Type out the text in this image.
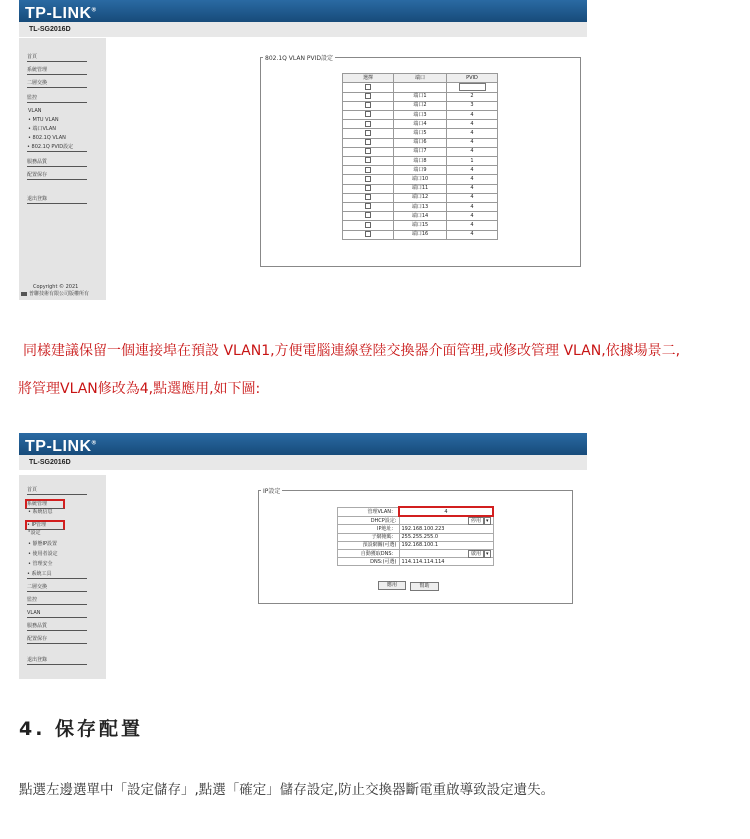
TP-LINK®
TL-SG2016D
首頁
系統管理
二層交換
監控
VLAN
• MTU VLAN
• 端口VLAN
• 802.1Q VLAN
• 802.1Q PVID設定
服務品質
配置保存
退出登錄
802.1Q VLAN PVID設定
選擇	端口	PVID

	端口1	2
	端口2	3
	端口3	4
	端口4	4
	端口5	4
	端口6	4
	端口7	4
	端口8	1
	端口9	4
	端口10	4
	端口11	4
	端口12	4
	端口13	4
	端口14	4
	端口15	4
	端口16	4
Copyright © 2021
普聯技術有限公司版權所有
同樣建議保留一個連接埠在預設 VLAN1,方便電腦連線登陸交換器介面管理,或修改管理 VLAN,依據場景二,
將管理VLAN修改為4,點選應用,如下圖:
TP-LINK®
TL-SG2016D
首頁
系統管理
• 系統信息
• IP管理
°設定
• 靜態IP設置
• 使用者設定
• 管理安全
• 系統工具
二層交換
監控
VLAN
服務品質
配置保存
退出登錄
IP設定
管理VLAN：	4
DHCP設定:	停用 ▾
IP地址：	192.168.100.223
子網掩碼：	255.255.255.0
預設網關(可選)	192.168.100.1
自動獲取DNS：	啟用 ▾
DNS:(可選)	114.114.114.114
應用	幫助
4. 保存配置
點選左邊選單中「設定儲存」,點選「確定」儲存設定,防止交換器斷電重啟導致設定遺失。
